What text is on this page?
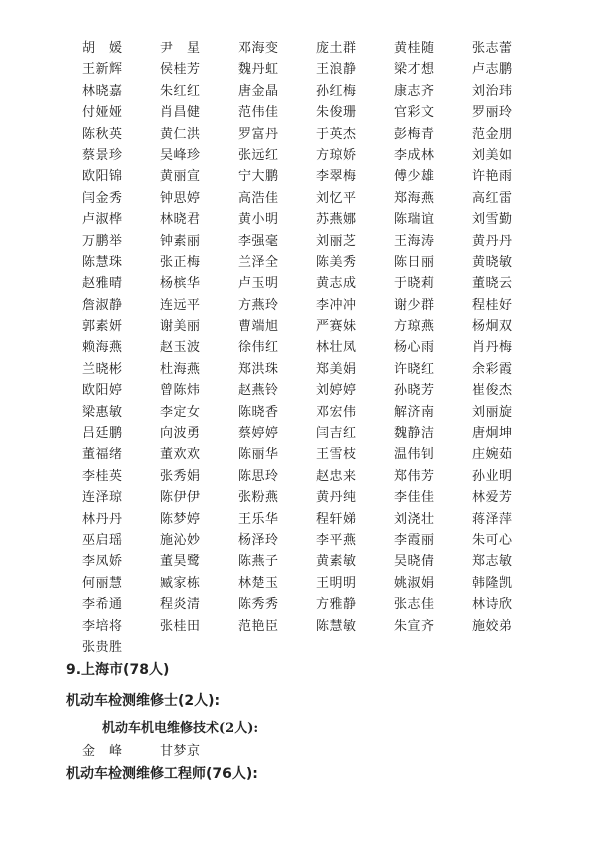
胡　媛	尹　星	邓海变	庞土群	黄桂随	张志蕾
王新辉	侯桂芳	魏丹虹	王浪静	梁才想	卢志鹏
林晓嘉	朱红红	唐金晶	孙红梅	康志齐	刘治玮
付娅娅	肖昌健	范伟佳	朱俊珊	官彩文	罗丽玲
陈秋英	黄仁洪	罗富丹	于英杰	彭梅青	范金朋
蔡景珍	吴峰珍	张远红	方琼娇	李成林	刘美如
欧阳锦	黄丽宣	宁大鹏	李翠梅	傅少雄	许艳雨
闫金秀	钟思婷	高浩佳	刘忆平	郑海燕	高红雷
卢淑桦	林晓君	黄小明	苏燕娜	陈瑞谊	刘雪勤
万鹏举	钟素丽	李强毫	刘丽芝	王海涛	黄丹丹
陈慧珠	张正梅	兰泽全	陈美秀	陈日丽	黄晓敏
赵雅晴	杨槟华	卢玉明	黄志成	于晓莉	董晓云
詹淑静	连远平	方燕玲	李冲冲	谢少群	程桂好
郭素妍	谢美丽	曹端旭	严赛妹	方琼燕	杨炯双
赖海燕	赵玉波	徐伟红	林壮凤	杨心雨	肖丹梅
兰晓彬	杜海燕	郑洪珠	郑美娟	许晓红	余彩霞
欧阳婷	曾陈炜	赵燕铃	刘婷婷	孙晓芳	崔俊杰
梁惠敏	李定女	陈晓香	邓宏伟	解济南	刘丽旋
吕廷鹏	向波勇	蔡婷婷	闫吉红	魏静洁	唐炯坤
董福绪	董欢欢	陈丽华	王雪枝	温伟钊	庄婉茹
李桂英	张秀娟	陈思玲	赵忠来	郑伟芳	孙业明
连泽琼	陈伊伊	张粉燕	黄丹纯	李佳佳	林爱芳
林丹丹	陈梦婷	王乐华	程轩娣	刘浇壮	蒋泽萍
巫启瑶	施沁妙	杨泽玲	李平燕	李霞丽	朱可心
李凤娇	董昊鹭	陈燕子	黄素敏	吴晓倩	郑志敏
何丽慧	臧家栋	林楚玉	王明明	姚淑娟	韩隆凯
李希通	程炎清	陈秀秀	方雅静	张志佳	林诗欣
李培将	张桂田	范艳臣	陈慧敏	朱宣齐	施姣弟
张贵胜
9.上海市(78人)
机动车检测维修士(2人):
机动车机电维修技术(2人):
金　峰	甘梦京
机动车检测维修工程师(76人):
